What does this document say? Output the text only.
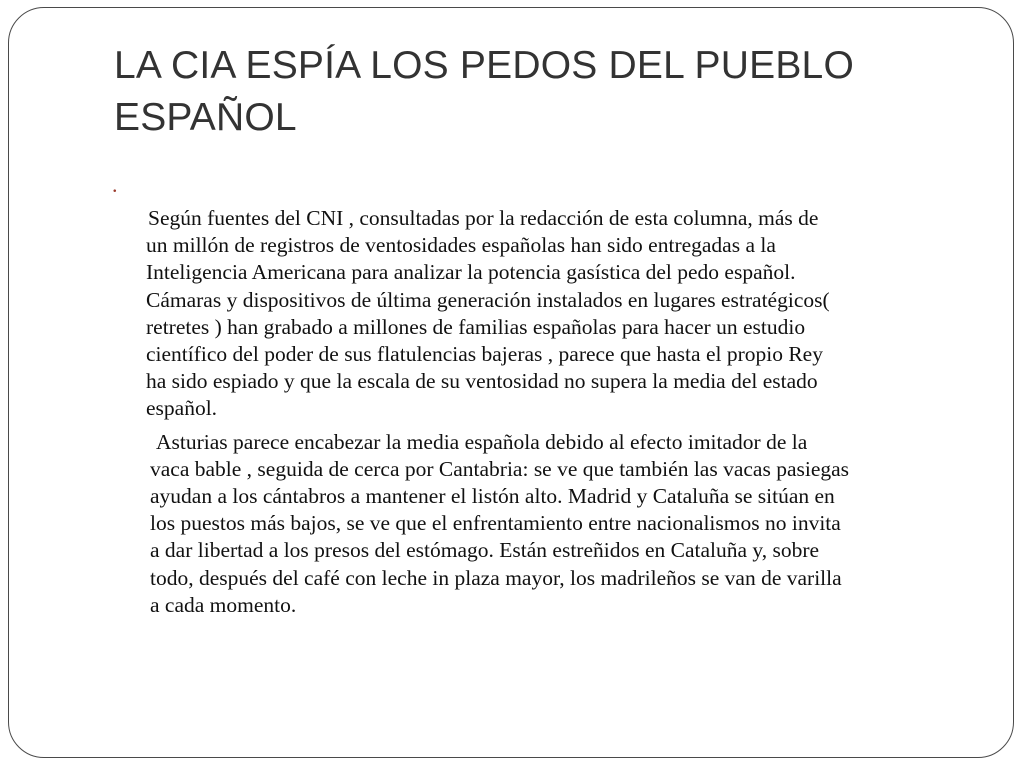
LA CIA ESPÍA LOS PEDOS DEL PUEBLO ESPAÑOL
.

Según fuentes del CNI , consultadas por la redacción de esta columna, más de
un millón de registros de ventosidades españolas han sido entregadas a la
Inteligencia Americana para analizar la potencia gasística del pedo español.
Cámaras y dispositivos de última generación instalados en lugares estratégicos(
retretes ) han grabado a millones de familias españolas para hacer un estudio
científico del poder de sus flatulencias bajeras , parece que hasta el propio Rey
ha sido espiado y que la escala de su ventosidad no supera la media del estado
español.

Asturias parece encabezar la media española debido al efecto imitador de la
vaca bable , seguida de cerca por Cantabria: se ve que también las vacas pasiegas
ayudan a los cántabros a mantener el listón alto. Madrid y Cataluña se sitúan en
los puestos más bajos, se ve que el enfrentamiento entre nacionalismos no invita
a dar libertad a los presos del estómago. Están estreñidos en Cataluña y, sobre
todo, después del café con leche in plaza mayor, los madrileños se van de varilla
a cada momento.
